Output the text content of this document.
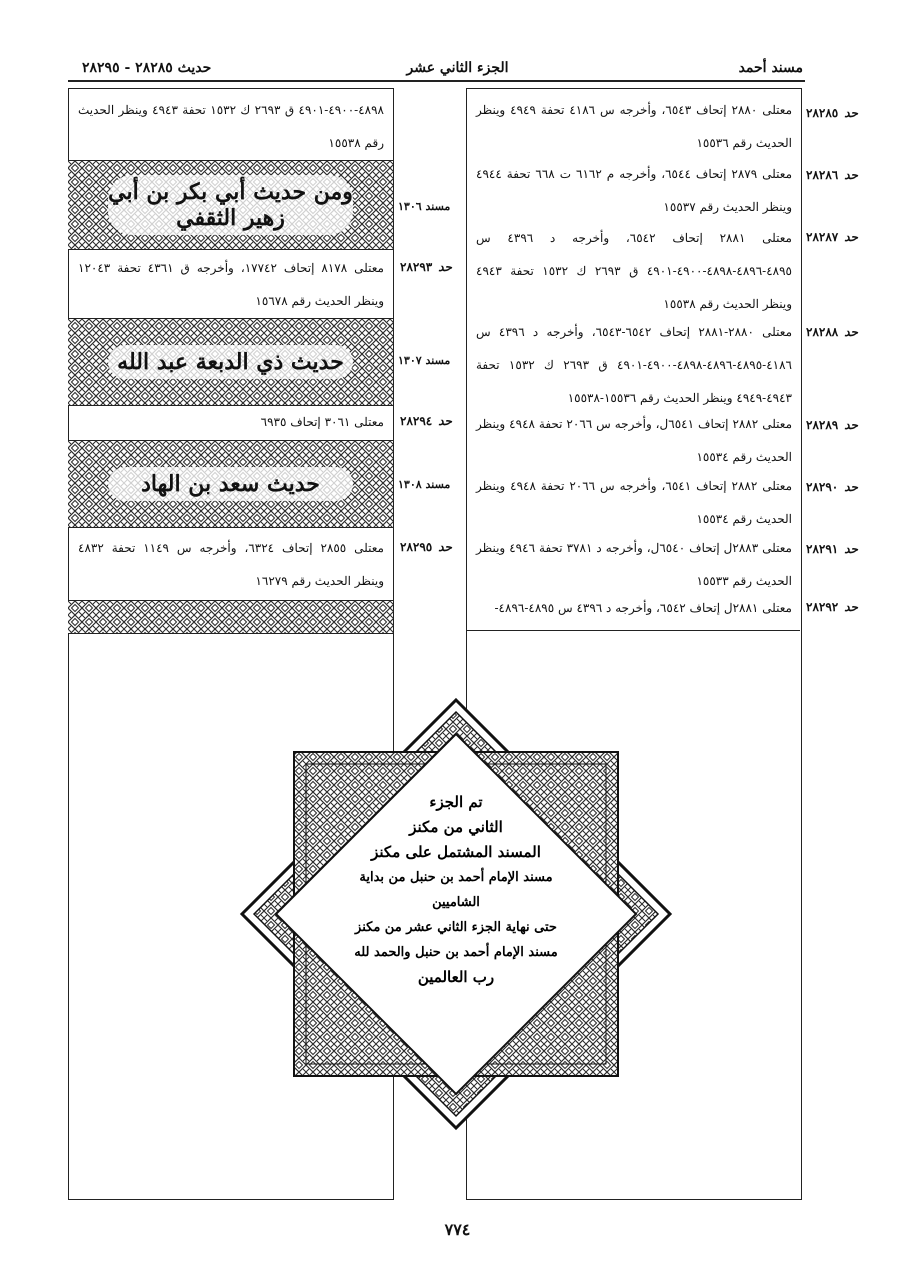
مسند أحمد
الجزء الثاني عشر
حديث ٢٨٢٨٥ - ٢٨٢٩٥
حد٢٨٢٨٥
معتلى ٢٨٨٠ إتحاف ٦٥٤٣، وأخرجه س ٤١٨٦ تحفة ٤٩٤٩ وينظر الحديث رقم ١٥٥٣٦
حد٢٨٢٨٦
معتلى ٢٨٧٩ إتحاف ٦٥٤٤، وأخرجه م ٦١٦٢ ت ٦٦٨ تحفة ٤٩٤٤ وينظر الحديث رقم ١٥٥٣٧
حد٢٨٢٨٧
معتلى ٢٨٨١ إتحاف ٦٥٤٢، وأخرجه د ٤٣٩٦ س ٤٨٩٥-٤٨٩٦-٤٨٩٨-٤٩٠٠-٤٩٠١ ق ٢٦٩٣ ك ١٥٣٢ تحفة ٤٩٤٣ وينظر الحديث رقم ١٥٥٣٨
حد٢٨٢٨٨
معتلى ٢٨٨٠-٢٨٨١ إتحاف ٦٥٤٢-٦٥٤٣، وأخرجه د ٤٣٩٦ س ٤١٨٦-٤٨٩٥-٤٨٩٦-٤٨٩٨-٤٩٠٠-٤٩٠١ ق ٢٦٩٣ ك ١٥٣٢ تحفة ٤٩٤٣-٤٩٤٩ وينظر الحديث رقم ١٥٥٣٦-١٥٥٣٨
حد٢٨٢٨٩
معتلى ٢٨٨٢ إتحاف ٦٥٤١ل، وأخرجه س ٢٠٦٦ تحفة ٤٩٤٨ وينظر الحديث رقم ١٥٥٣٤
حد٢٨٢٩٠
معتلى ٢٨٨٢ إتحاف ٦٥٤١، وأخرجه س ٢٠٦٦ تحفة ٤٩٤٨ وينظر الحديث رقم ١٥٥٣٤
حد٢٨٢٩١
معتلى ٢٨٨٣ل إتحاف ٦٥٤٠ل، وأخرجه د ٣٧٨١ تحفة ٤٩٤٦ وينظر الحديث رقم ١٥٥٣٣
حد٢٨٢٩٢
معتلى ٢٨٨١ل إتحاف ٦٥٤٢، وأخرجه د ٤٣٩٦ س ٤٨٩٥-٤٨٩٦-
٤٨٩٨-٤٩٠٠-٤٩٠١ ق ٢٦٩٣ ك ١٥٣٢ تحفة ٤٩٤٣ وينظر الحديث رقم ١٥٥٣٨
ومن حديث أبي بكر بن أبي زهير الثقفي	مسند ١٣٠٦
حد٢٨٢٩٣
معتلى ٨١٧٨ إتحاف ١٧٧٤٢، وأخرجه ق ٤٣٦١ تحفة ١٢٠٤٣ وينظر الحديث رقم ١٥٦٧٨
حديث ذي الدبعة عبد الله	مسند ١٣٠٧
حد٢٨٢٩٤
معتلى ٣٠٦١ إتحاف ٦٩٣٥
حديث سعد بن الهاد	مسند ١٣٠٨
حد٢٨٢٩٥
معتلى ٢٨٥٥ إتحاف ٦٣٢٤، وأخرجه س ١١٤٩ تحفة ٤٨٣٢ وينظر الحديث رقم ١٦٢٧٩
تم الجزء
الثاني من مكنز
المسند المشتمل على مكنز
مسند الإمام أحمد بن حنبل من بداية الشاميين
حتى نهاية الجزء الثاني عشر من مكنز
مسند الإمام أحمد بن حنبل والحمد لله
رب العالمين
٧٧٤
